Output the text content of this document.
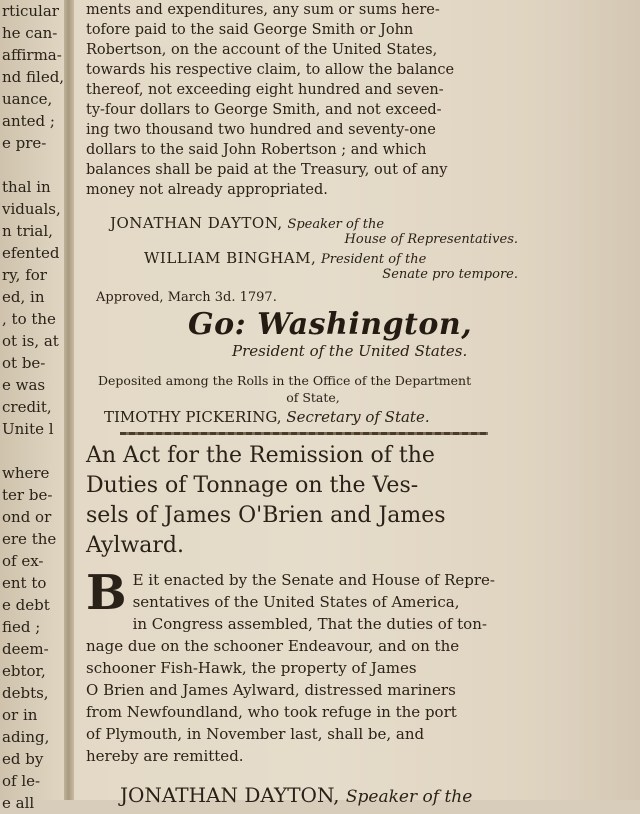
rticular
he can-
affirma-
nd filed,
uance,
anted ;
e pre-
thal in
viduals,
n trial,
efented
ry, for
ed, in
, to the
ot is, at
ot be-
e was
credit,
Unite l
where
ter be-
ond or
ere the
of ex-
ent to
e debt
fied ;
deem-
ebtor,
debts,
or in
ading,
ed by
of le-
e all
ments and expenditures, any sum or sums here-
tofore paid to the said George Smith or John
Robertson, on the account of the United States,
towards his respective claim, to allow the balance
thereof, not exceeding eight hundred and seven-
ty-four dollars to George Smith, and not exceed-
ing two thousand two hundred and seventy-one
dollars to the said John Robertson ; and which
balances shall be paid at the Treasury, out of any
money not already appropriated.
JONATHAN DAYTON, Speaker of the
House of Representatives.
WILLIAM BINGHAM, President of the
Senate pro tempore.
Approved, March 3d. 1797.
Go: Washington,
President of the United States.
Deposited among the Rolls in the Office of the Department
of State,
TIMOTHY PICKERING, Secretary of State.
An Act for the Remission of the
Duties of Tonnage on the Ves-
sels of James O'Brien and James
Aylward.
B E it enacted by the Senate and House of Repre-
sentatives of the United States of America,
in Congress assembled, That the duties of ton-
nage due on the schooner Endeavour, and on the
schooner Fish-Hawk, the property of James
O Brien and James Aylward, distressed mariners
from Newfoundland, who took refuge in the port
of Plymouth, in November last, shall be, and
hereby are remitted.
JONATHAN DAYTON, Speaker of the
